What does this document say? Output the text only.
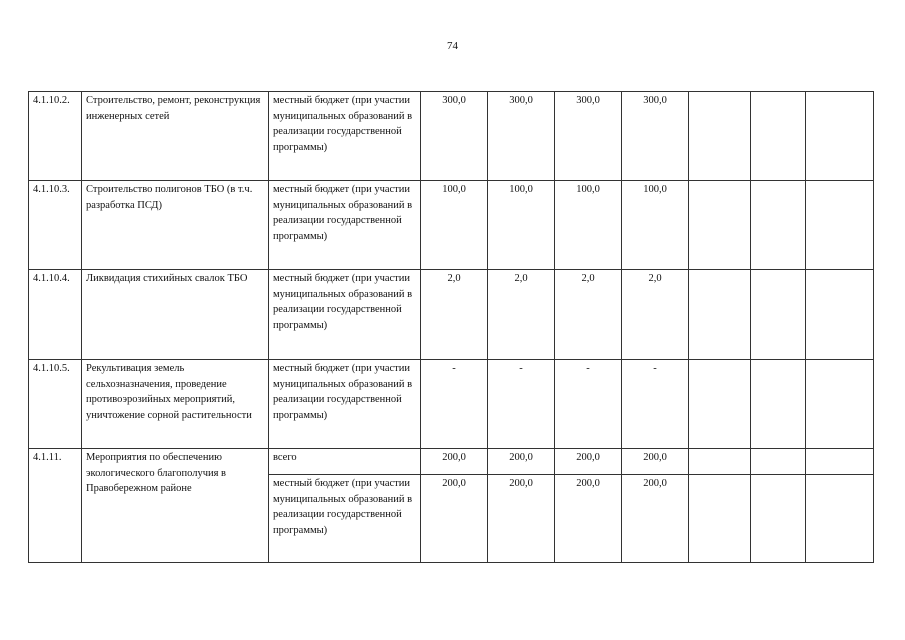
74
4.1.10.2.	Строительство, ремонт, реконструкция инженерных сетей	местный бюджет (при участии муниципальных образований в реализации государственной программы)	300,0	300,0	300,0	300,0			
4.1.10.3.	Строительство полигонов ТБО (в т.ч. разработка ПСД)	местный бюджет (при участии муниципальных образований в реализации государственной программы)	100,0	100,0	100,0	100,0			
4.1.10.4.	Ликвидация стихийных свалок ТБО	местный бюджет (при участии муниципальных образований в реализации государственной программы)	2,0	2,0	2,0	2,0			
4.1.10.5.	Рекультивация земель сельхозназначения, проведение противоэрозийных мероприятий, уничтожение сорной растительности	местный бюджет (при участии муниципальных образований в реализации государственной программы)	-	-	-	-			
4.1.11.	Мероприятия по обеспечению экологического благополучия в Правобережном районе	всего	200,0	200,0	200,0	200,0			
		местный бюджет (при участии муниципальных образований в реализации государственной программы)	200,0	200,0	200,0	200,0			
